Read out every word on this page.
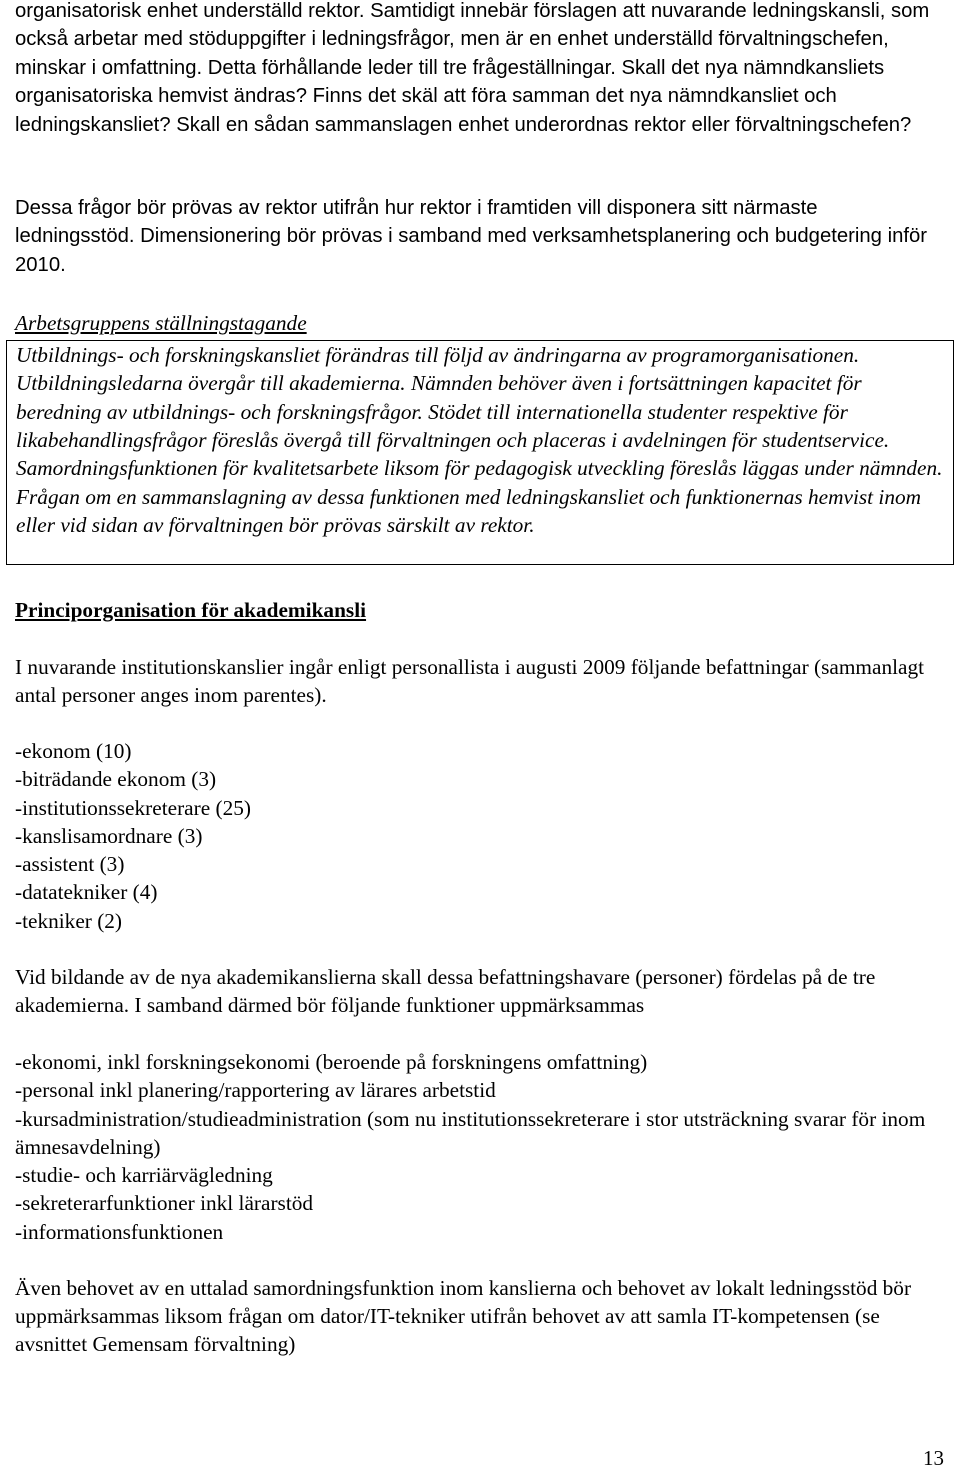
organisatorisk enhet underställd rektor. Samtidigt innebär förslagen att nuvarande ledningskansli, som också arbetar med stöduppgifter i ledningsfrågor, men är en enhet underställd förvaltningschefen, minskar i omfattning. Detta förhållande leder till tre frågeställningar. Skall det nya nämndkansliets organisatoriska hemvist ändras? Finns det skäl att föra samman det nya nämndkansliet och ledningskansliet? Skall en sådan sammanslagen enhet underordnas rektor eller förvaltningschefen?

Dessa frågor bör prövas av rektor utifrån hur rektor i framtiden vill disponera sitt närmaste ledningsstöd. Dimensionering bör prövas i samband med verksamhetsplanering och budgetering inför 2010.

Arbetsgruppens ställningstagande

Utbildnings- och forskningskansliet förändras till följd av ändringarna av programorganisationen. Utbildningsledarna övergår till akademierna. Nämnden behöver även i fortsättningen kapacitet för beredning av utbildnings- och forskningsfrågor. Stödet till internationella studenter respektive för likabehandlingsfrågor föreslås övergå till förvaltningen och placeras i avdelningen för studentservice. Samordningsfunktionen för kvalitetsarbete liksom för pedagogisk utveckling föreslås läggas under nämnden. Frågan om en sammanslagning av dessa funktionen med ledningskansliet och funktionernas hemvist inom eller vid sidan av förvaltningen bör prövas särskilt av rektor.

Principorganisation för akademikansli

I nuvarande institutionskanslier ingår enligt personallista i augusti 2009 följande befattningar (sammanlagt antal personer anges inom parentes).

-ekonom (10)
-biträdande ekonom (3)
-institutionssekreterare (25)
-kanslisamordnare (3)
-assistent (3)
-datatekniker (4)
-tekniker (2)

Vid bildande av de nya akademikanslierna skall dessa befattningshavare (personer) fördelas på de tre akademierna. I samband därmed bör följande funktioner uppmärksammas

-ekonomi, inkl forskningsekonomi (beroende på forskningens omfattning)
-personal inkl planering/rapportering av lärares arbetstid
-kursadministration/studieadministration (som nu institutionssekreterare i stor utsträckning svarar för inom ämnesavdelning)
-studie- och karriärvägledning
-sekreterarfunktioner inkl lärarstöd
-informationsfunktionen

Även behovet av en uttalad samordningsfunktion inom kanslierna och behovet av lokalt ledningsstöd bör uppmärksammas liksom frågan om dator/IT-tekniker utifrån behovet av att samla IT-kompetensen (se avsnittet Gemensam förvaltning)

13
